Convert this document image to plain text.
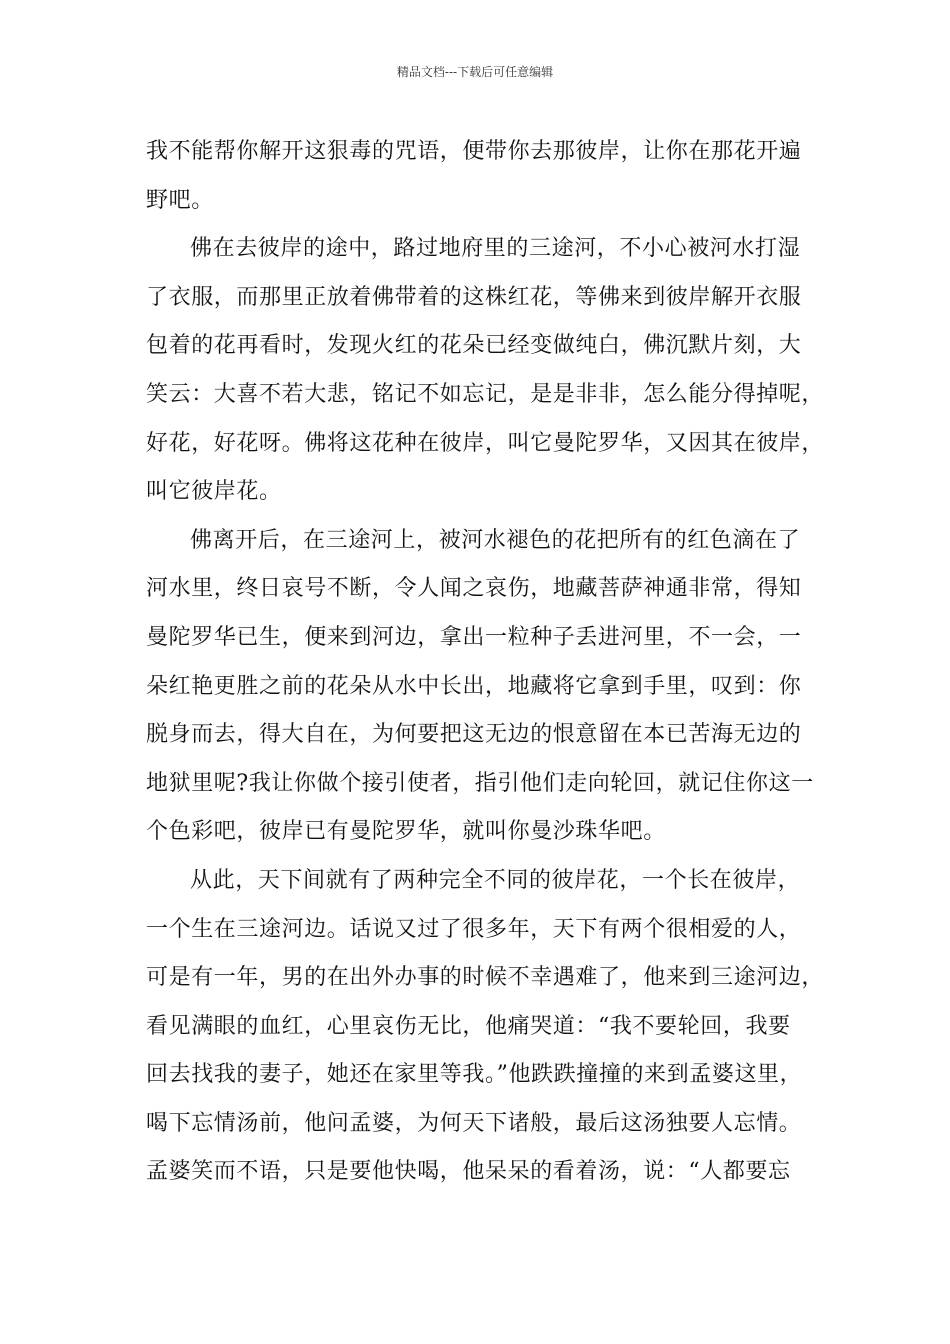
精品文档---下载后可任意编辑
我不能帮你解开这狠毒的咒语，便带你去那彼岸，让你在那花开遍
野吧。
佛在去彼岸的途中，路过地府里的三途河，不小心被河水打湿
了衣服，而那里正放着佛带着的这株红花，等佛来到彼岸解开衣服
包着的花再看时，发现火红的花朵已经变做纯白，佛沉默片刻，大
笑云：大喜不若大悲，铭记不如忘记，是是非非，怎么能分得掉呢，
好花，好花呀。佛将这花种在彼岸，叫它曼陀罗华，又因其在彼岸，
叫它彼岸花。
佛离开后，在三途河上，被河水褪色的花把所有的红色滴在了
河水里，终日哀号不断，令人闻之哀伤，地藏菩萨神通非常，得知
曼陀罗华已生，便来到河边，拿出一粒种子丢进河里，不一会，一
朵红艳更胜之前的花朵从水中长出，地藏将它拿到手里，叹到：你
脱身而去，得大自在，为何要把这无边的恨意留在本已苦海无边的
地狱里呢?我让你做个接引使者，指引他们走向轮回，就记住你这一
个色彩吧，彼岸已有曼陀罗华，就叫你曼沙珠华吧。
从此，天下间就有了两种完全不同的彼岸花，一个长在彼岸，
一个生在三途河边。话说又过了很多年，天下有两个很相爱的人，
可是有一年，男的在出外办事的时候不幸遇难了，他来到三途河边，
看见满眼的血红，心里哀伤无比，他痛哭道：“我不要轮回，我要
回去找我的妻子，她还在家里等我。”他跌跌撞撞的来到孟婆这里，
喝下忘情汤前，他问孟婆，为何天下诸般，最后这汤独要人忘情。
孟婆笑而不语，只是要他快喝，他呆呆的看着汤，说：“人都要忘
